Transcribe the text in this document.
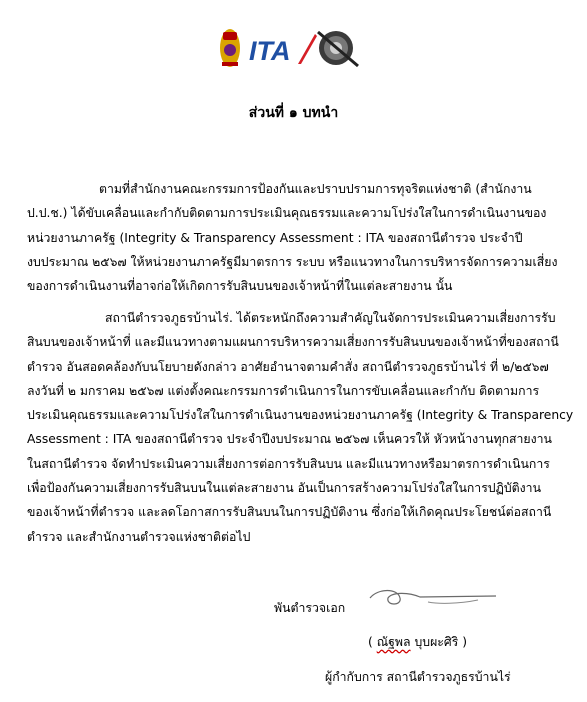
ITA
ส่วนที่ ๑ บทนำ

ตามที่สำนักงานคณะกรรมการป้องกันและปราบปรามการทุจริตแห่งชาติ (สำนักงาน
ป.ป.ช.) ได้ขับเคลื่อนและกำกับติดตามการประเมินคุณธรรมและความโปร่งใสในการดำเนินงานของ
หน่วยงานภาครัฐ (Integrity & Transparency Assessment : ITA ของสถานีตำรวจ ประจำปี
งบประมาณ ๒๕๖๗ ให้หน่วยงานภาครัฐมีมาตรการ ระบบ หรือแนวทางในการบริหารจัดการความเสี่ยง
ของการดำเนินงานที่อาจก่อให้เกิดการรับสินบนของเจ้าหน้าที่ในแต่ละสายงาน นั้น

สถานีตำรวจภูธรบ้านไร่. ได้ตระหนักถึงความสำคัญในจัดการประเมินความเสี่ยงการรับ
สินบนของเจ้าหน้าที่ และมีแนวทางตามแผนการบริหารความเสี่ยงการรับสินบนของเจ้าหน้าที่ของสถานี
ตำรวจ อันสอดคล้องกับนโยบายดังกล่าว อาศัยอำนาจตามคำสั่ง สถานีตำรวจภูธรบ้านไร่ ที่ ๒/๒๕๖๗
ลงวันที่ ๒ มกราคม ๒๕๖๗ แต่งตั้งคณะกรรมการดำเนินการในการขับเคลื่อนและกำกับ ติดตามการ
ประเมินคุณธรรมและความโปร่งใสในการดำเนินงานของหน่วยงานภาครัฐ (Integrity & Transparency
Assessment : ITA ของสถานีตำรวจ ประจำปีงบประมาณ ๒๕๖๗ เห็นควรให้ หัวหน้างานทุกสายงาน
ในสถานีตำรวจ จัดทำประเมินความเสี่ยงการต่อการรับสินบน และมีแนวทางหรือมาตรการดำเนินการ
เพื่อป้องกันความเสี่ยงการรับสินบนในแต่ละสายงาน อันเป็นการสร้างความโปร่งใสในการปฏิบัติงาน
ของเจ้าหน้าที่ตำรวจ และลดโอกาสการรับสินบนในการปฏิบัติงาน ซึ่งก่อให้เกิดคุณประโยชน์ต่อสถานี
ตำรวจ และสำนักงานตำรวจแห่งชาติต่อไป

พันตำรวจเอก
( ณัฐพล บุบผะศิริ )
ผู้กำกับการ สถานีตำรวจภูธรบ้านไร่
